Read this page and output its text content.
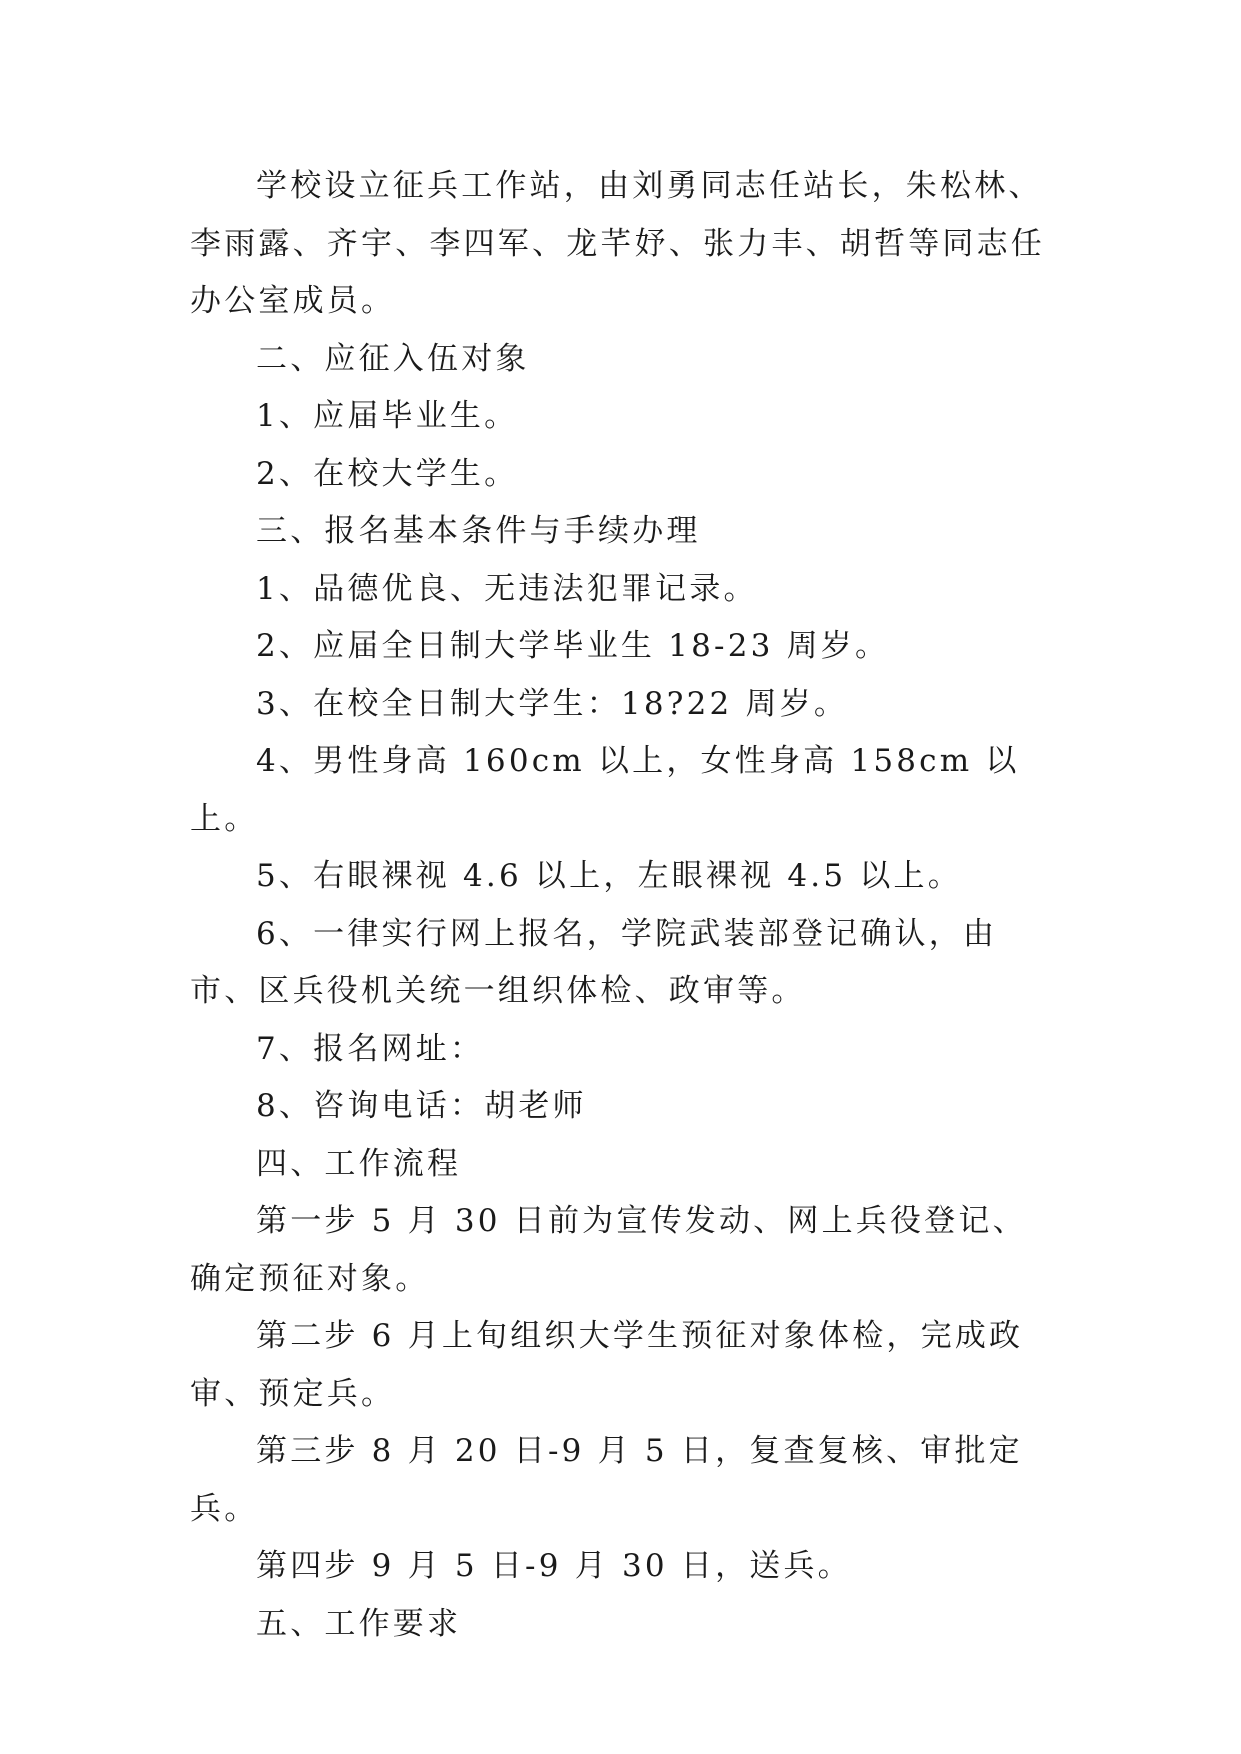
学校设立征兵工作站，由刘勇同志任站长，朱松林、李雨露、齐宇、李四军、龙芊妤、张力丰、胡哲等同志任办公室成员。

二、应征入伍对象

1、应届毕业生。

2、在校大学生。

三、报名基本条件与手续办理

1、品德优良、无违法犯罪记录。

2、应届全日制大学毕业生 18-23 周岁。

3、在校全日制大学生：18?22 周岁。

4、男性身高 160cm 以上，女性身高 158cm 以上。

5、右眼裸视 4.6 以上，左眼裸视 4.5 以上。

6、一律实行网上报名，学院武装部登记确认，由市、区兵役机关统一组织体检、政审等。

7、报名网址：

8、咨询电话：胡老师

四、工作流程

第一步 5 月 30 日前为宣传发动、网上兵役登记、确定预征对象。

第二步 6 月上旬组织大学生预征对象体检，完成政审、预定兵。

第三步 8 月 20 日-9 月 5 日，复查复核、审批定兵。

第四步 9 月 5 日-9 月 30 日，送兵。

五、工作要求
